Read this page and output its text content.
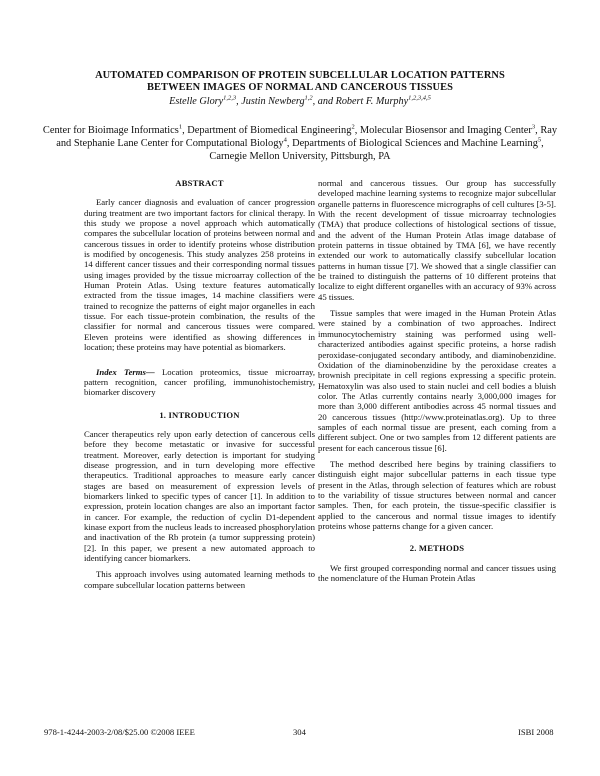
AUTOMATED COMPARISON OF PROTEIN SUBCELLULAR LOCATION PATTERNS
BETWEEN IMAGES OF NORMAL AND CANCEROUS TISSUES
Estelle Glory$^{1,2,3}$, Justin Newberg$^{1,2}$, and Robert F. Murphy$^{1,2,3,4,5}$
Center for Bioimage Informatics$^1$, Department of Biomedical Engineering$^2$, Molecular Biosensor and Imaging Center$^3$, Ray and Stephanie Lane Center for Computational Biology$^4$, Departments of Biological Sciences and Machine Learning$^5$, Carnegie Mellon University, Pittsburgh, PA
ABSTRACT

Early cancer diagnosis and evaluation of cancer progression during treatment are two important factors for clinical therapy. In this study we propose a novel approach which automatically compares the subcellular location of proteins between normal and cancerous tissues in order to identify proteins whose distribution is modified by oncogenesis. This study analyzes 258 proteins in 14 different cancer tissues and their corresponding normal tissues using images provided by the tissue microarray collection of the Human Protein Atlas. Using texture features automatically extracted from the tissue images, 14 machine classifiers were trained to recognize the patterns of eight major organelles in each tissue. For each tissue-protein combination, the results of the classifier for normal and cancerous tissues were compared. Eleven proteins were identified as showing differences in location; these proteins may have potential as biomarkers.

Index Terms— Location proteomics, tissue microarray, pattern recognition, cancer profiling, immunohistochemistry, biomarker discovery

1. INTRODUCTION

Cancer therapeutics rely upon early detection of cancerous cells before they become metastatic or invasive for successful treatment. Moreover, early detection is important for studying disease progression, and in turn developing more effective therapeutics. Traditional approaches to measure early cancer stages are based on measurement of expression levels of biomarkers linked to specific types of cancer [1]. In addition to expression, protein location changes are also an important factor in cancer. For example, the reduction of cyclin D1-dependent kinase export from the nucleus leads to increased phosphorylation and inactivation of the Rb protein (a tumor suppressing protein) [2]. In this paper, we present a new automated approach to identifying cancer biomarkers.

This approach involves using automated learning methods to compare subcellular location patterns between

normal and cancerous tissues. Our group has successfully developed machine learning systems to recognize major subcellular organelle patterns in fluorescence micrographs of cell cultures [3-5]. With the recent development of tissue microarray technologies (TMA) that produce collections of histological sections of tissue, and the advent of the Human Protein Atlas image database of protein patterns in tissue obtained by TMA [6], we have recently extended our work to automatically classify subcellular location patterns in human tissue [7]. We showed that a single classifier can be trained to distinguish the patterns of 10 different proteins that localize to eight different organelles with an accuracy of 93% across 45 tissues.

Tissue samples that were imaged in the Human Protein Atlas were stained by a combination of two approaches. Indirect immunocytochemistry staining was performed using well-characterized antibodies against specific proteins, a horse radish peroxidase-conjugated secondary antibody, and diaminobenzidine. Oxidation of the diaminobenzidine by the peroxidase creates a brownish precipitate in cell regions expressing a specific protein. Hematoxylin was also used to stain nuclei and cell bodies a bluish color. The Atlas currently contains nearly 3,000,000 images for more than 3,000 different antibodies across 45 normal tissues and 20 cancerous tissues (http://www.proteinatlas.org). Up to three samples of each normal tissue are present, each coming from a different subject. One or two samples from 12 different patients are present for each cancerous tissue [6].

The method described here begins by training classifiers to distinguish eight major subcellular patterns in each tissue type present in the Atlas, through selection of features which are robust to the variability of tissue structures between normal and cancer samples. Then, for each protein, the tissue-specific classifier is applied to the cancerous and normal tissue images to identify proteins whose patterns change for a given cancer.

2. METHODS

We first grouped corresponding normal and cancer tissues using the nomenclature of the Human Protein Atlas

978-1-4244-2003-2/08/$25.00 ©2008 IEEE	304	ISBI 2008
